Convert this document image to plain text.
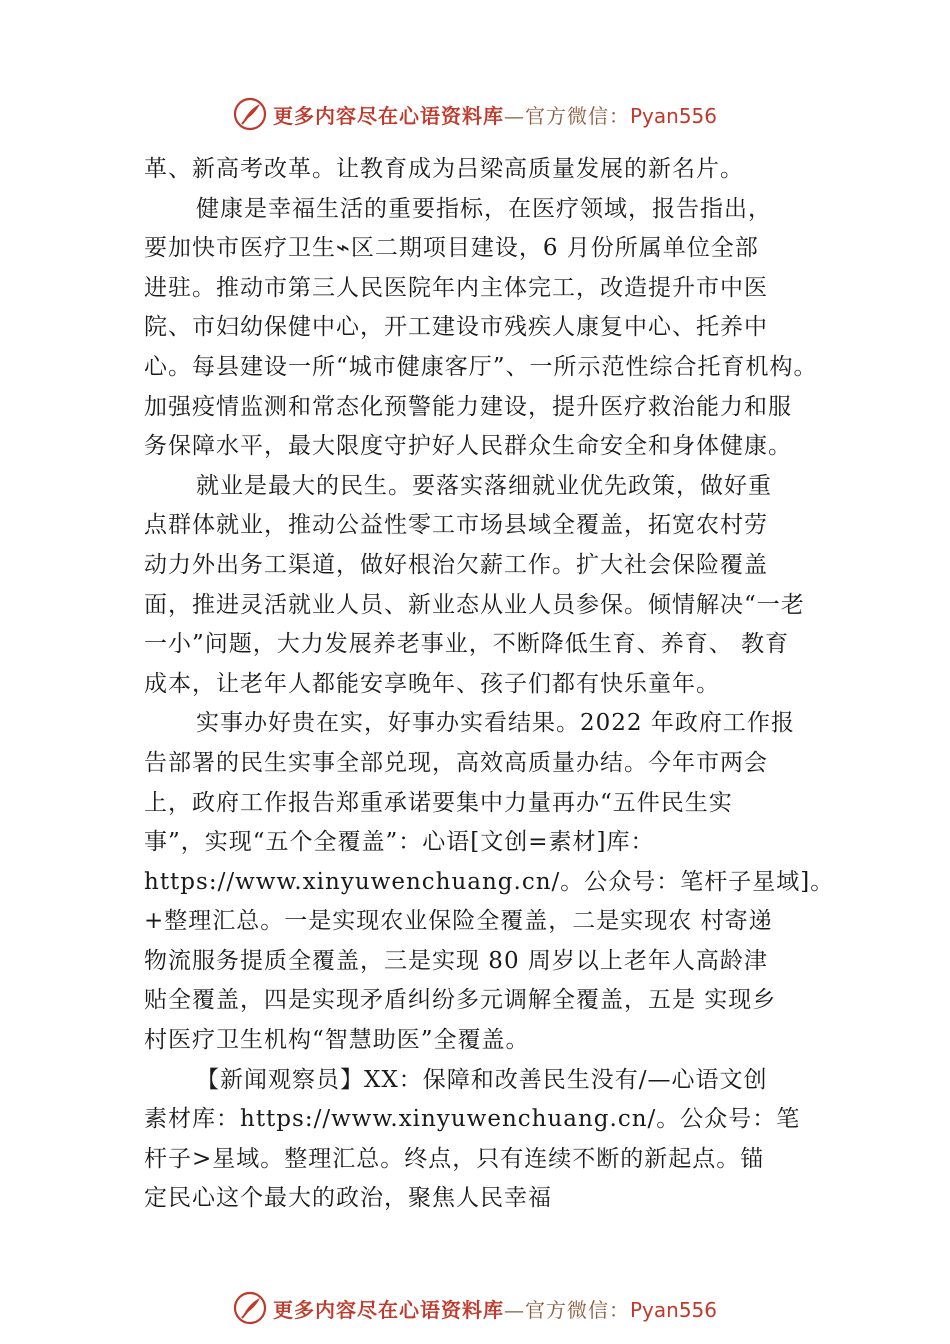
更多内容尽在心语资料库—官方微信：Pyan556
革、新高考改革。让教育成为吕梁高质量发展的新名片。
健康是幸福生活的重要指标，在医疗领域，报告指出，
要加快市医疗卫生⌁区二期项目建设，6 月份所属单位全部
进驻。推动市第三人民医院年内主体完工，改造提升市中医
院、市妇幼保健中心，开工建设市残疾人康复中心、托养中
心。每县建设一所“城市健康客厅”、一所示范性综合托育机构。
加强疫情监测和常态化预警能力建设，提升医疗救治能力和服
务保障水平，最大限度守护好人民群众生命安全和身体健康。
就业是最大的民生。要落实落细就业优先政策，做好重
点群体就业，推动公益性零工市场县域全覆盖，拓宽农村劳
动力外出务工渠道，做好根治欠薪工作。扩大社会保险覆盖
面，推进灵活就业人员、新业态从业人员参保。倾情解决“一老
一小”问题，大力发展养老事业，不断降低生育、养育、 教育
成本，让老年人都能安享晚年、孩子们都有快乐童年。
实事办好贵在实，好事办实看结果。2022 年政府工作报
告部署的民生实事全部兑现，高效高质量办结。今年市两会
上，政府工作报告郑重承诺要集中力量再办“五件民生实
事”，实现“五个全覆盖”：心语[文创=素材]库：
https://www.xinyuwenchuang.cn/。公众号：笔杆子星域]。
+整理汇总。一是实现农业保险全覆盖，二是实现农 村寄递
物流服务提质全覆盖，三是实现 80 周岁以上老年人高龄津
贴全覆盖，四是实现矛盾纠纷多元调解全覆盖，五是 实现乡
村医疗卫生机构“智慧助医”全覆盖。
【新闻观察员】XX：保障和改善民生没有/—心语文创
素材库：https://www.xinyuwenchuang.cn/。公众号：笔
杆子>星域。整理汇总。终点，只有连续不断的新起点。锚
定民心这个最大的政治，聚焦人民幸福
更多内容尽在心语资料库—官方微信：Pyan556
